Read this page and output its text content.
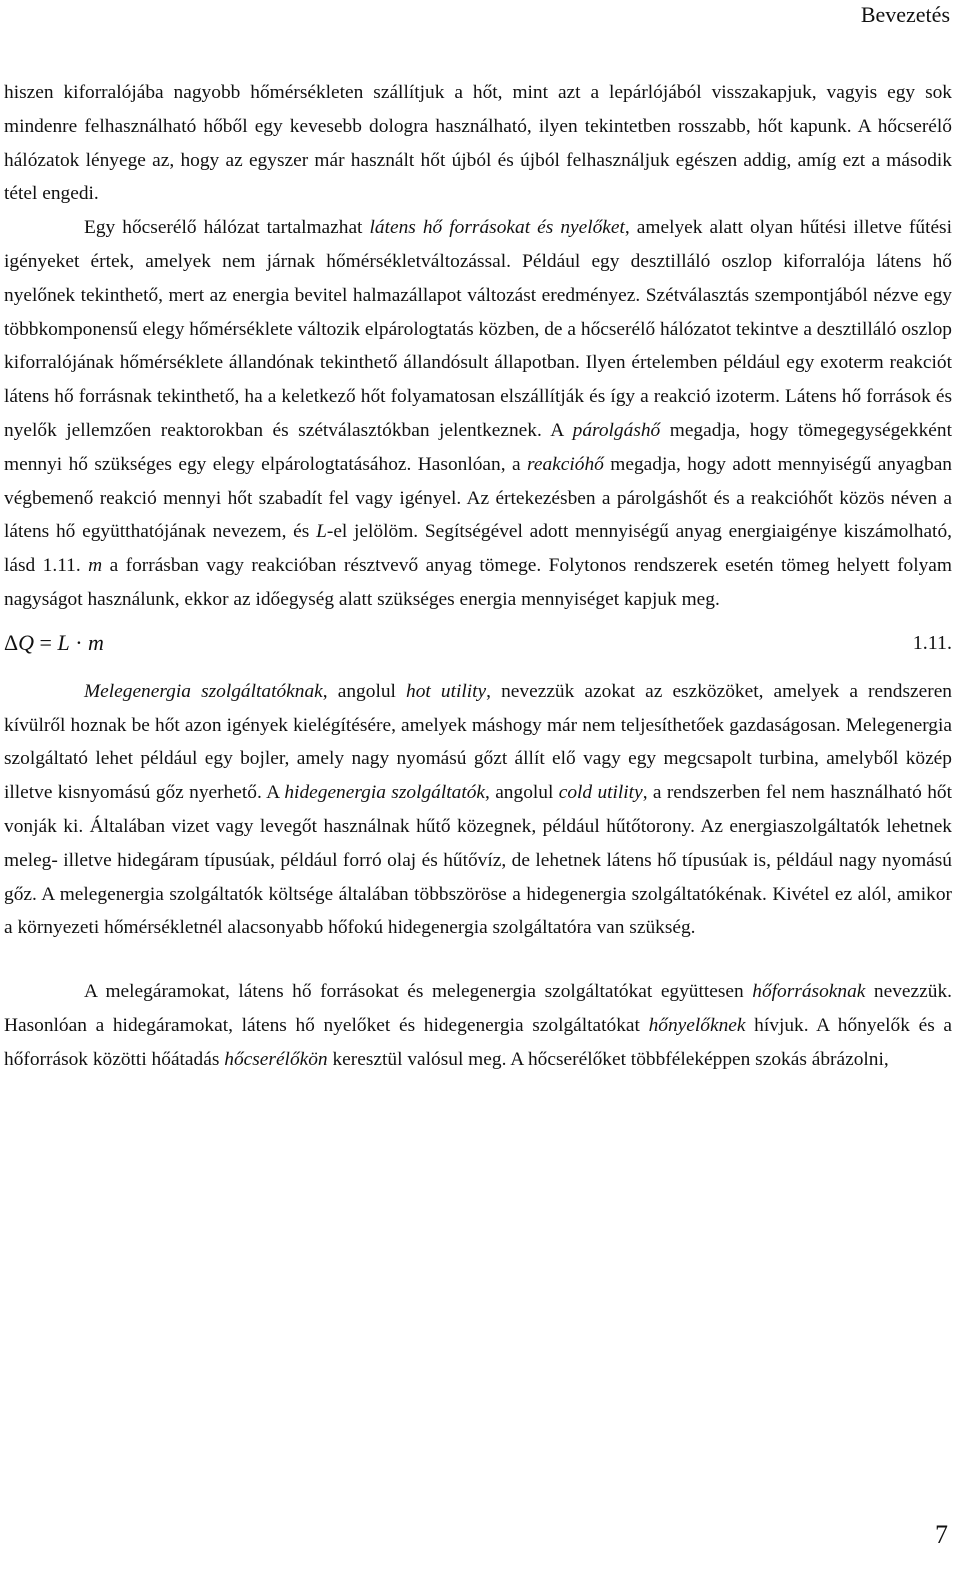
Bevezetés

hiszen kiforralójába nagyobb hőmérsékleten szállítjuk a hőt, mint azt a lepárlójából visszakapjuk, vagyis egy sok mindenre felhasználható hőből egy kevesebb dologra használható, ilyen tekintetben rosszabb, hőt kapunk. A hőcserélő hálózatok lényege az, hogy az egyszer már használt hőt újból és újból felhasználjuk egészen addig, amíg ezt a második tétel engedi.

Egy hőcserélő hálózat tartalmazhat látens hő forrásokat és nyelőket, amelyek alatt olyan hűtési illetve fűtési igényeket értek, amelyek nem járnak hőmérsékletváltozással. Például egy desztilláló oszlop kiforralója látens hő nyelőnek tekinthető, mert az energia bevitel halmazállapot változást eredményez. Szétválasztás szempontjából nézve egy többkomponensű elegy hőmérséklete változik elpárologtatás közben, de a hőcserélő hálózatot tekintve a desztilláló oszlop kiforralójának hőmérséklete állandónak tekinthető állandósult állapotban. Ilyen értelemben például egy exoterm reakciót látens hő forrásnak tekinthető, ha a keletkező hőt folyamatosan elszállítják és így a reakció izoterm. Látens hő források és nyelők jellemzően reaktorokban és szétválasztókban jelentkeznek. A párolgáshő megadja, hogy tömegegységekként mennyi hő szükséges egy elegy elpárologtatásához. Hasonlóan, a reakcióhő megadja, hogy adott mennyiségű anyagban végbemenő reakció mennyi hőt szabadít fel vagy igényel. Az értekezésben a párolgáshőt és a reakcióhőt közös néven a látens hő együtthatójának nevezem, és L-el jelölöm. Segítségével adott mennyiségű anyag energiaigénye kiszámolható, lásd 1.11. m a forrásban vagy reakcióban résztvevő anyag tömege. Folytonos rendszerek esetén tömeg helyett folyam nagyságot használunk, ekkor az időegység alatt szükséges energia mennyiséget kapjuk meg.

ΔQ = L · m	1.11.

Melegenergia szolgáltatóknak, angolul hot utility, nevezzük azokat az eszközöket, amelyek a rendszeren kívülről hoznak be hőt azon igények kielégítésére, amelyek máshogy már nem teljesíthetőek gazdaságosan. Melegenergia szolgáltató lehet például egy bojler, amely nagy nyomású gőzt állít elő vagy egy megcsapolt turbina, amelyből közép illetve kisnyomású gőz nyerhető. A hidegenergia szolgáltatók, angolul cold utility, a rendszerben fel nem használható hőt vonják ki. Általában vizet vagy levegőt használnak hűtő közegnek, például hűtőtorony. Az energiaszolgáltatók lehetnek meleg- illetve hidegáram típusúak, például forró olaj és hűtővíz, de lehetnek látens hő típusúak is, például nagy nyomású gőz. A melegenergia szolgáltatók költsége általában többszöröse a hidegenergia szolgáltatókénak. Kivétel ez alól, amikor a környezeti hőmérsékletnél alacsonyabb hőfokú hidegenergia szolgáltatóra van szükség.

A melegáramokat, látens hő forrásokat és melegenergia szolgáltatókat együttesen hőforrásoknak nevezzük. Hasonlóan a hidegáramokat, látens hő nyelőket és hidegenergia szolgáltatókat hőnyelőknek hívjuk. A hőnyelők és a hőforrások közötti hőátadás hőcserélőkön keresztül valósul meg. A hőcserélőket többféleképpen szokás ábrázolni,

7
